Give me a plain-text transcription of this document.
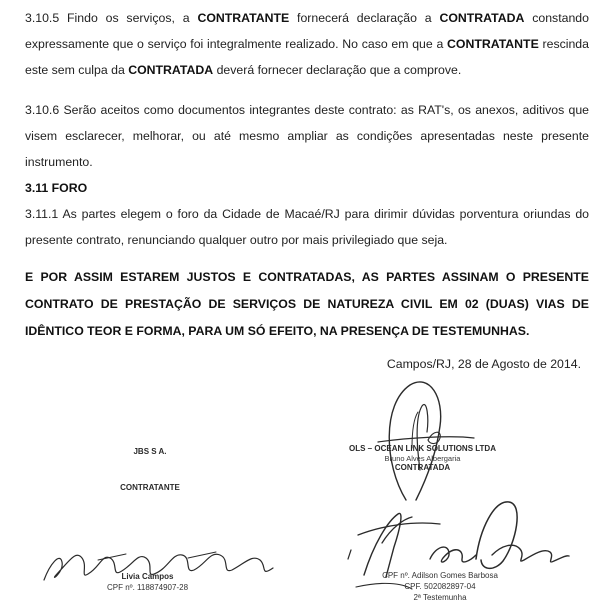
3.10.5 Findo os serviços, a CONTRATANTE fornecerá declaração a CONTRATADA constando expressamente que o serviço foi integralmente realizado. No caso em que a CONTRATANTE rescinda este sem culpa da CONTRATADA deverá fornecer declaração que a comprove.

3.10.6 Serão aceitos como documentos integrantes deste contrato: as RAT's, os anexos, aditivos que visem esclarecer, melhorar, ou até mesmo ampliar as condições apresentadas neste presente instrumento.

3.11 FORO

3.11.1 As partes elegem o foro da Cidade de Macaé/RJ para dirimir dúvidas porventura oriundas do presente contrato, renunciando qualquer outro por mais privilegiado que seja.

E POR ASSIM ESTAREM JUSTOS E CONTRATADAS, AS PARTES ASSINAM O PRESENTE CONTRATO DE PRESTAÇÃO DE SERVIÇOS DE NATUREZA CIVIL EM 02 (DUAS) VIAS DE IDÊNTICO TEOR E FORMA, PARA UM SÓ EFEITO, NA PRESENÇA DE TESTEMUNHAS.

Campos/RJ, 28 de Agosto de 2014.

OLS – OCEAN LINK SOLUTIONS LTDA
Bruno Alves Albergaria
CONTRATADA
JBS S A.
CONTRATANTE
Livia Campos
CPF nº. 118874907-28
CPF nº. Adilson Gomes Barbosa
CPF. 502082897-04
2ª Testemunha
